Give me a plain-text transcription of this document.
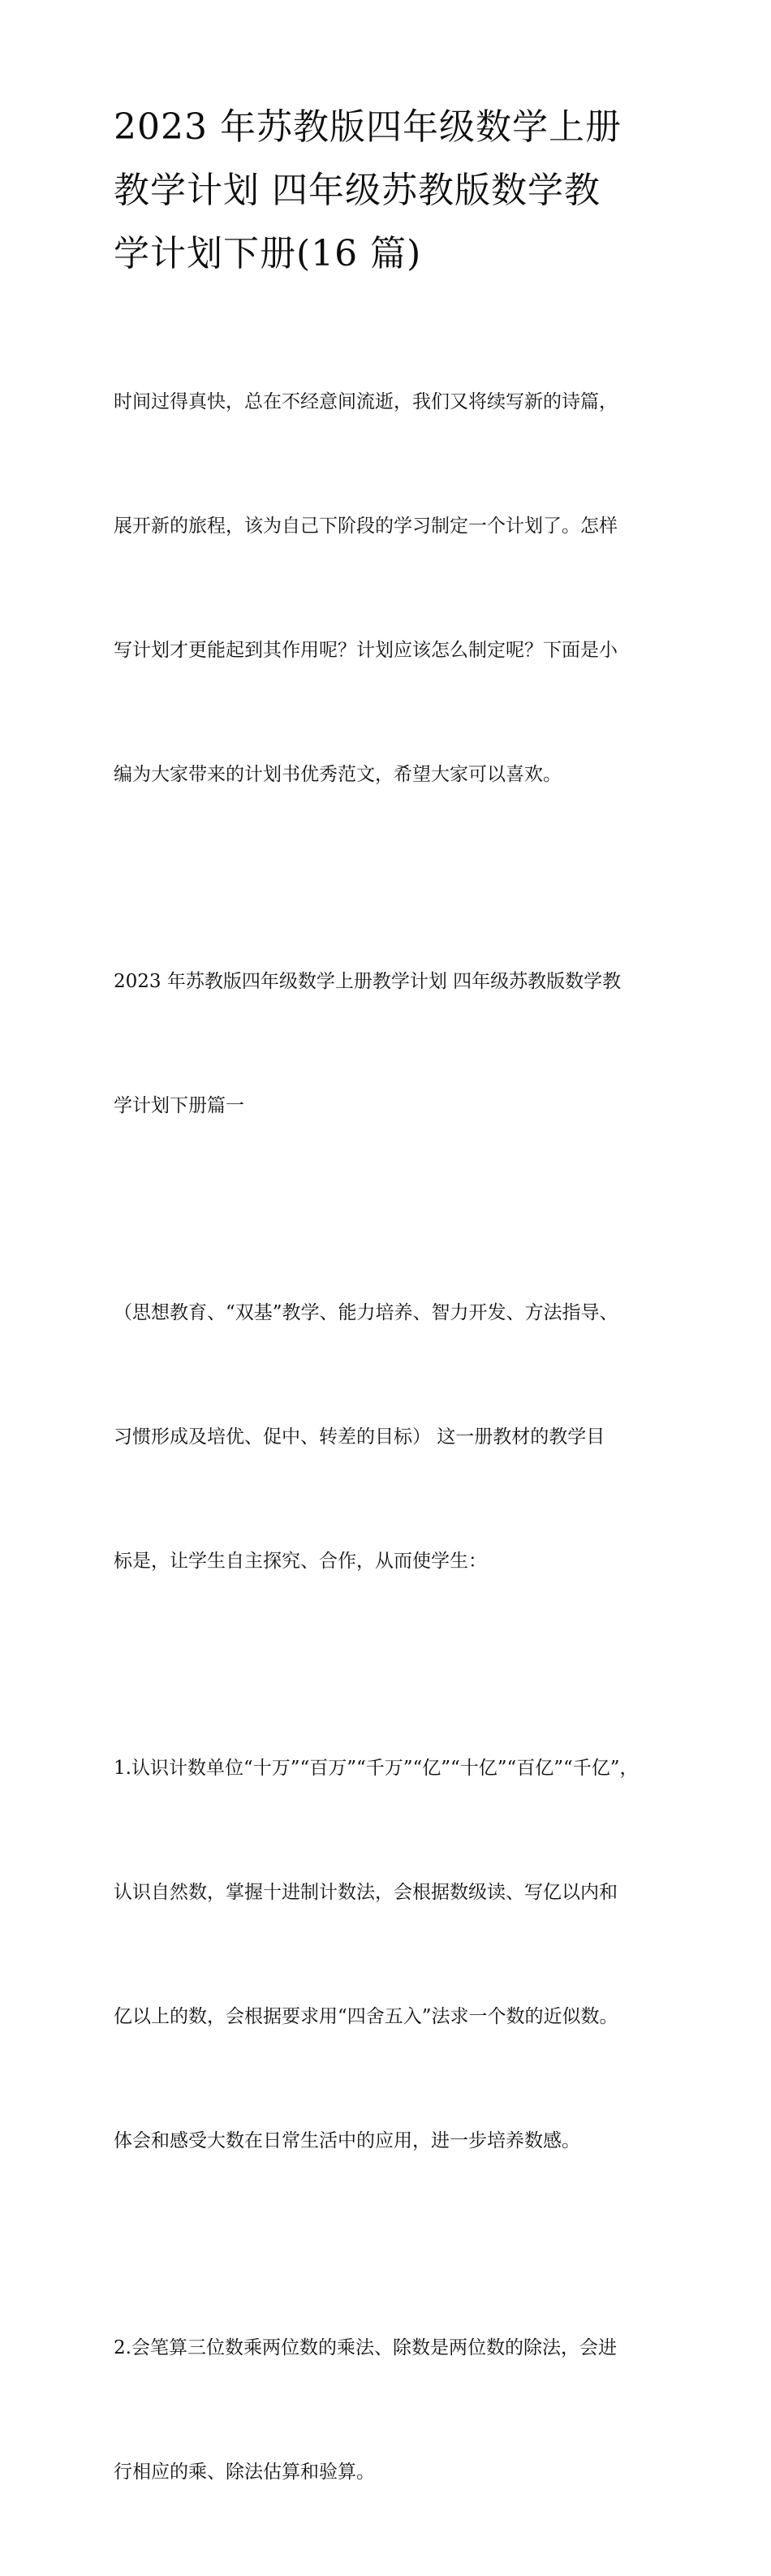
2023 年苏教版四年级数学上册
教学计划 四年级苏教版数学教
学计划下册(16 篇)

时间过得真快，总在不经意间流逝，我们又将续写新的诗篇，

展开新的旅程，该为自己下阶段的学习制定一个计划了。怎样

写计划才更能起到其作用呢？计划应该怎么制定呢？下面是小

编为大家带来的计划书优秀范文，希望大家可以喜欢。

2023 年苏教版四年级数学上册教学计划 四年级苏教版数学教

学计划下册篇一

（思想教育、“双基”教学、能力培养、智力开发、方法指导、

习惯形成及培优、促中、转差的目标） 这一册教材的教学目

标是，让学生自主探究、合作，从而使学生：

1.认识计数单位“十万”“百万”“千万”“亿”“十亿”“百亿”“千亿”，

认识自然数，掌握十进制计数法，会根据数级读、写亿以内和

亿以上的数，会根据要求用“四舍五入”法求一个数的近似数。

体会和感受大数在日常生活中的应用，进一步培养数感。

2.会笔算三位数乘两位数的乘法、除数是两位数的除法，会进

行相应的乘、除法估算和验算。
